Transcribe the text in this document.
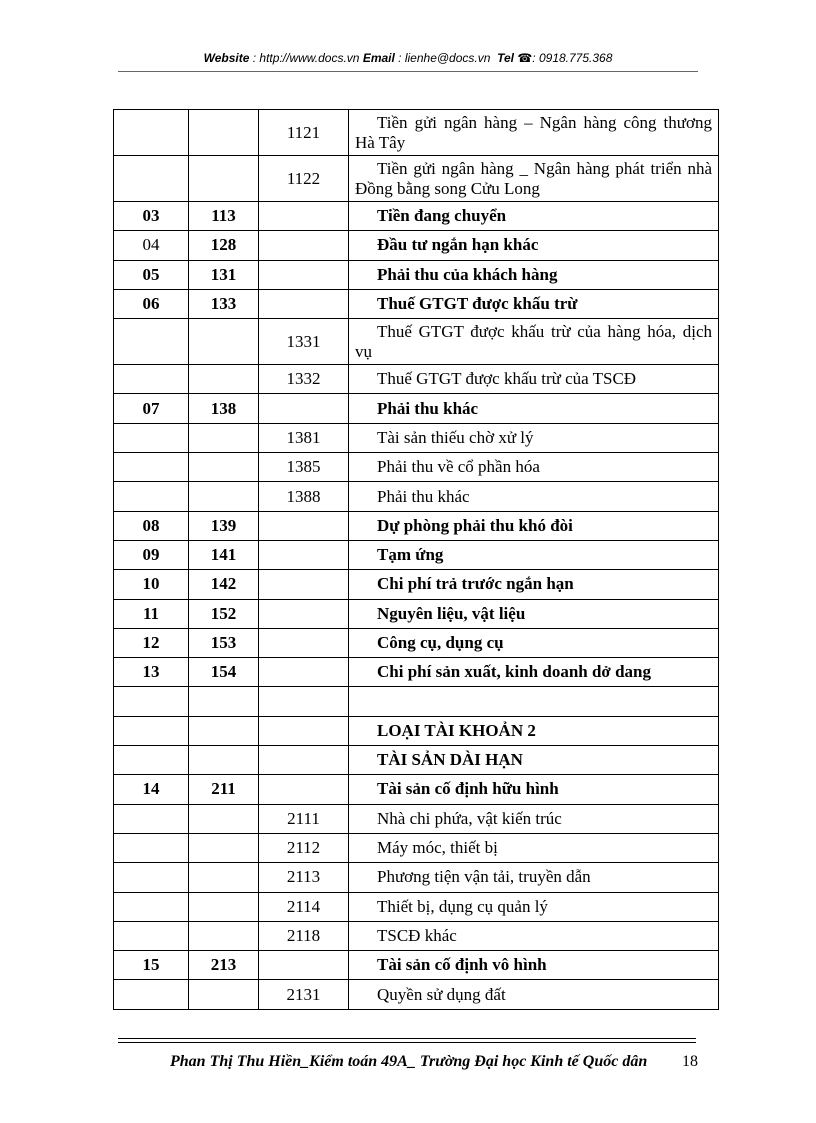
Website : http://www.docs.vn Email : lienhe@docs.vn Tel ☎: 0918.775.368
		1121	Tiền gửi ngân hàng – Ngân hàng công thương Hà Tây

		1122	Tiền gửi ngân hàng _ Ngân hàng phát triển nhà Đồng bằng song Cửu Long

03	113		Tiền đang chuyển

04	128		Đầu tư ngắn hạn khác

05	131		Phải thu của khách hàng

06	133		Thuế GTGT được khấu trừ

		1331	Thuế GTGT được khấu trừ của hàng hóa, dịch vụ

		1332	Thuế GTGT được khấu trừ của TSCĐ

07	138		Phải thu khác

		1381	Tài sản thiếu chờ xử lý

		1385	Phải thu về cổ phần hóa

		1388	Phải thu khác

08	139		Dự phòng phải thu khó đòi

09	141		Tạm ứng

10	142		Chi phí trả trước ngắn hạn

11	152		Nguyên liệu, vật liệu

12	153		Công cụ, dụng cụ

13	154		Chi phí sản xuất, kinh doanh dở dang

			LOẠI TÀI KHOẢN 2

			TÀI SẢN DÀI HẠN

14	211		Tài sản cố định hữu hình

		2111	Nhà chi phứa, vật kiến trúc

		2112	Máy móc, thiết bị

		2113	Phương tiện vận tải, truyền dẫn

		2114	Thiết bị, dụng cụ quản lý

		2118	TSCĐ khác

15	213		Tài sản cố định vô hình

		2131	Quyền sử dụng đất
Phan Thị Thu Hiền_Kiểm toán 49A_ Trường Đại học Kinh tế Quốc dân 18
